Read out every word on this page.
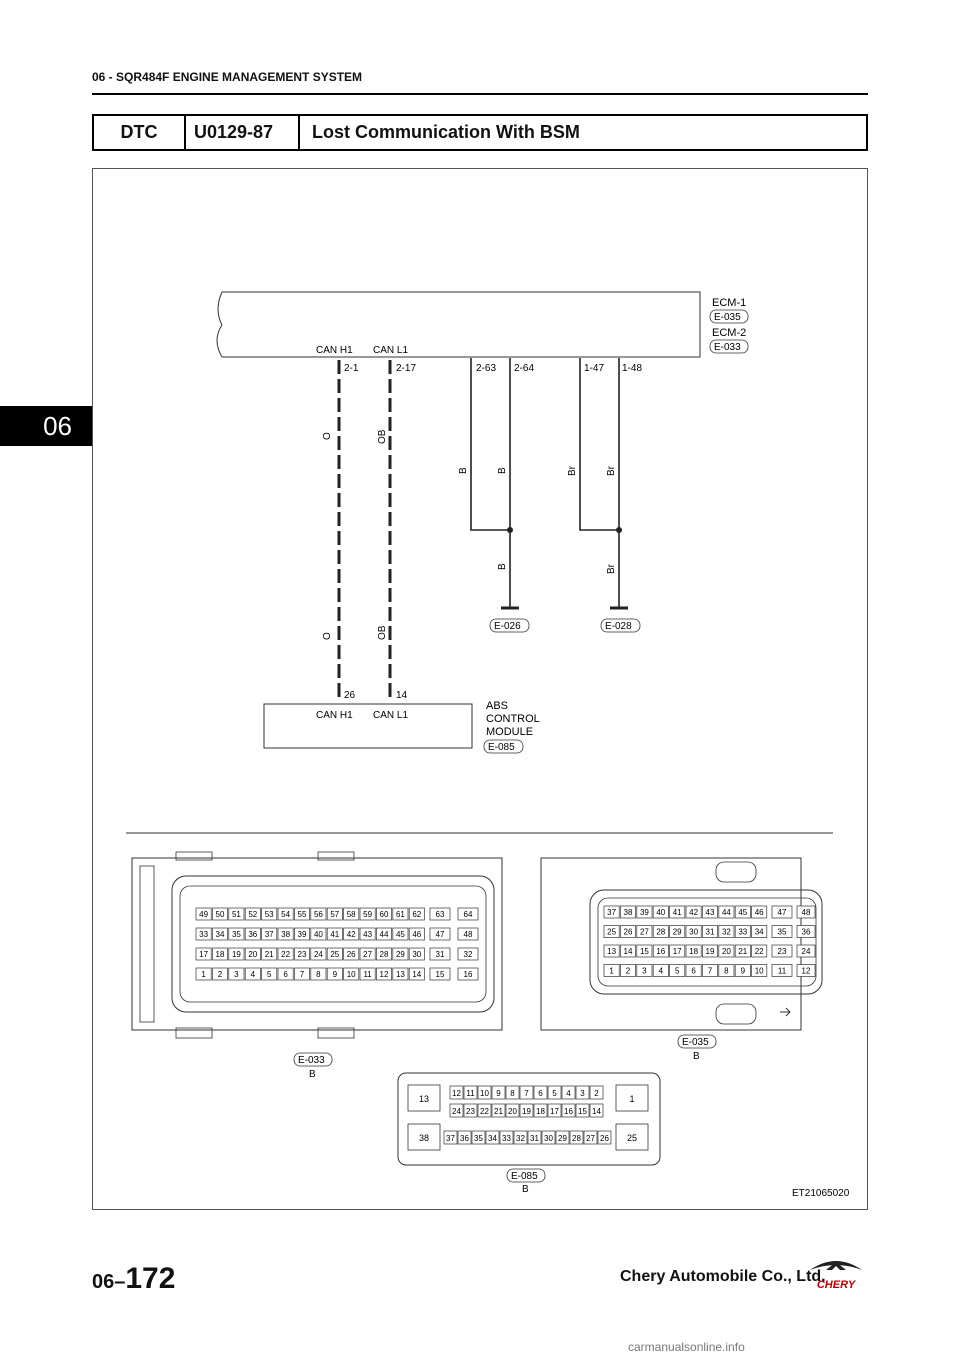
06 - SQR484F ENGINE MANAGEMENT SYSTEM
06
DTC	U0129-87	Lost Communication With BSM
ECM-1
E-035
ECM-2
E-033
CAN H1 CAN L1
2-1	2-17
O	OB
O	OB
2-63 2-64
B	B
B
E-026
1-47 1-48
Br	Br
Br
E-028
26	14
CAN H1 CAN L1
ABS
CONTROL
MODULE
E-085
49 50 51 52 53 54 55 56 57 58 59 60 61 62
33 34 35 36 37 38 39 40 41 42 43 44 45 46
17 18 19 20 21 22 23 24 25 26 27 28 29 30
1 2 3 4 5 6 7 8 9 10 11 12 13 14
63
47
31
15
64
48
32
16
E-033
B
37 38 39 40 41 42 43 44 45 46
25 26 27 28 29 30 31 32 33 34
13 14 15 16 17 18 19 20 21 22
1 2 3 4 5 6 7 8 9 10
47
35
23
11
48
36
24
12
E-035
B
13
38
1
25
12 11 10 9 8 7 6 5 4 3 2
24 23 22 21 20 19 18 17 16 15 14
37 36 35 34 33 32 31 30 29 28 27 26
E-085
B	ET21065020
06–172	Chery Automobile Co., Ltd.
CHERY
carmanualsonline.info
